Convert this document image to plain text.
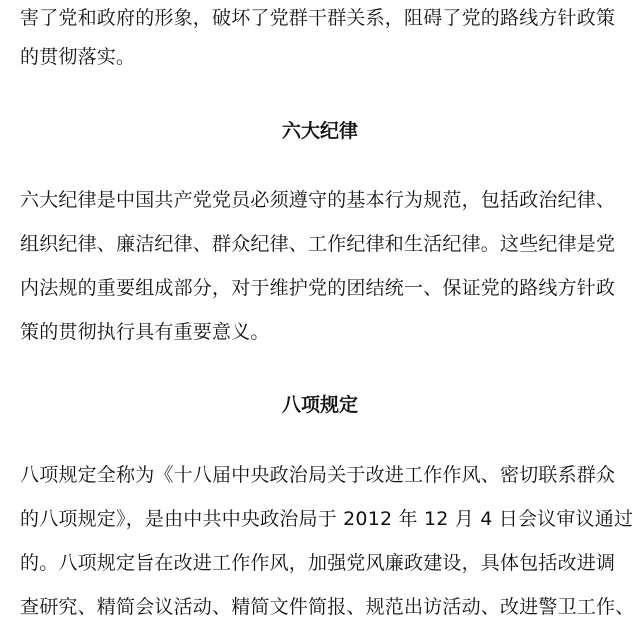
害了党和政府的形象，破坏了党群干群关系，阻碍了党的路线方针政策
的贯彻落实。
六大纪律
六大纪律是中国共产党党员必须遵守的基本行为规范，包括政治纪律、
组织纪律、廉洁纪律、群众纪律、工作纪律和生活纪律。这些纪律是党
内法规的重要组成部分，对于维护党的团结统一、保证党的路线方针政
策的贯彻执行具有重要意义。
八项规定
八项规定全称为《十八届中央政治局关于改进工作作风、密切联系群众
的八项规定》，是由中共中央政治局于 2012 年 12 月 4 日会议审议通过
的。八项规定旨在改进工作作风，加强党风廉政建设，具体包括改进调
查研究、精简会议活动、精简文件简报、规范出访活动、改进警卫工作、
